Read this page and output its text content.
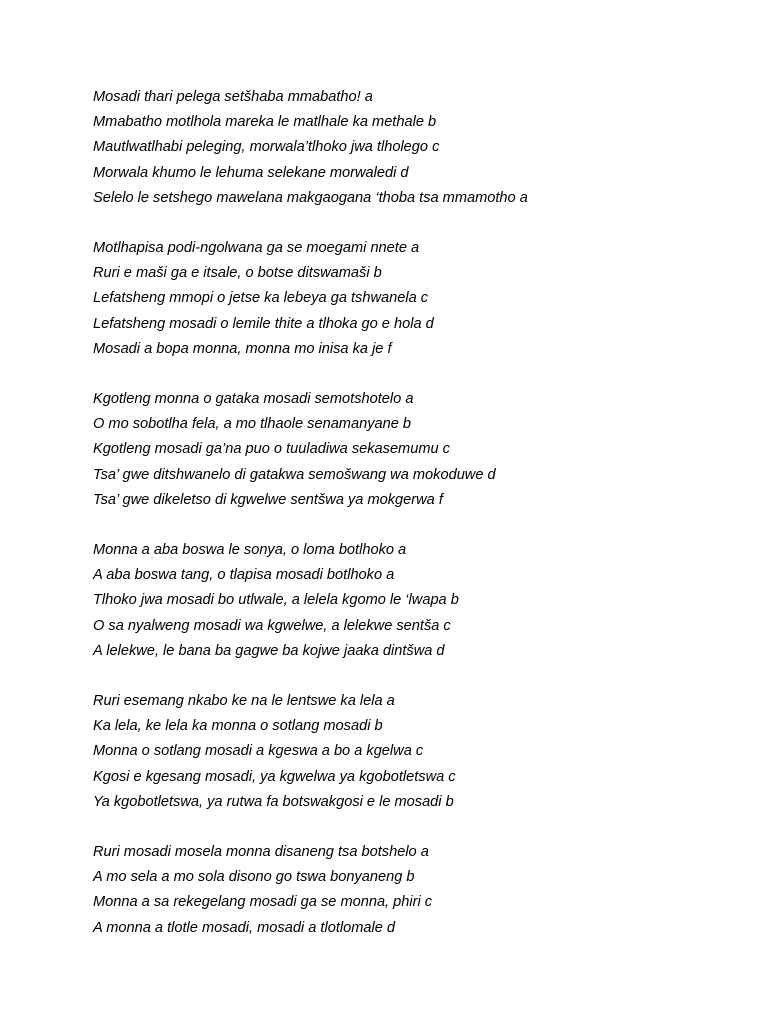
Mosadi thari pelega setšhaba mmabatho! a
Mmabatho motlhola mareka le matlhale ka methale b
Mautlwatlhabi peleging, morwala’tlhoko jwa tlholego c
Morwala khumo le lehuma selekane morwaledi d
Selelo le setshego mawelana makgaogana ‘thoba tsa mmamotho a
Motlhapisa podi-ngolwana ga se moegami nnete a
Ruri e maši ga e itsale, o botse ditswamaši b
Lefatsheng mmopi o jetse ka lebeya ga tshwanela c
Lefatsheng mosadi o lemile thite a tlhoka go e hola d
Mosadi a bopa monna, monna mo inisa ka je f
Kgotleng monna o gataka mosadi semotshotelo a
O mo sobotlha fela, a mo tlhaole senamanyane b
Kgotleng mosadi ga’na puo o tuuladiwa sekasemumu c
Tsa’ gwe ditshwanelo di gatakwa semošwang wa mokoduwe d
Tsa’ gwe dikeletso di kgwelwe sentšwa ya mokgerwa f
Monna a aba boswa le sonya, o loma botlhoko a
A aba boswa tang, o tlapisa mosadi botlhoko a
Tlhoko jwa mosadi bo utlwale, a lelela kgomo le ‘lwapa b
O sa nyalweng mosadi wa kgwelwe, a lelekwe sentša c
A lelekwe, le bana ba gagwe ba kojwe jaaka dintšwa d
Ruri esemang nkabo ke na le lentswe ka lela a
Ka lela, ke lela ka monna o sotlang mosadi b
Monna o sotlang mosadi a kgeswa a bo a kgelwa c
Kgosi e kgesang mosadi, ya kgwelwa ya kgobotletswa c
Ya kgobotletswa, ya rutwa fa botswakgosi e le mosadi b
Ruri mosadi mosela monna disaneng tsa botshelo a
A mo sela a mo sola disono go tswa bonyaneng b
Monna a sa rekegelang mosadi ga se monna, phiri c
A monna a tlotle mosadi, mosadi a tlotlomale d
